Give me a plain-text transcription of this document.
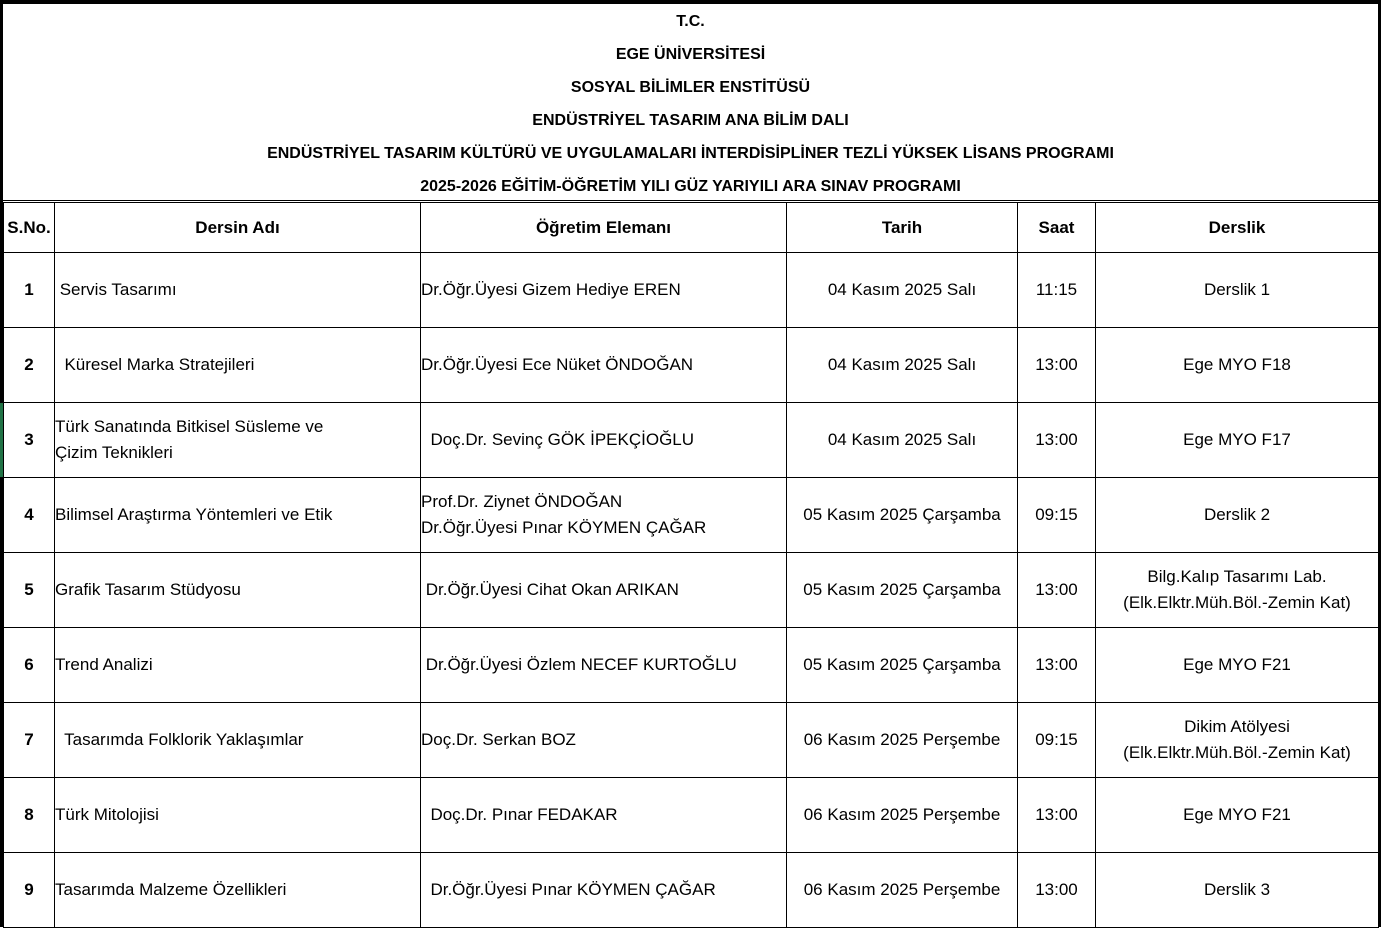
T.C.
EGE ÜNİVERSİTESİ
SOSYAL BİLİMLER ENSTİTÜSÜ
ENDÜSTRİYEL TASARIM ANA BİLİM DALI
ENDÜSTRİYEL TASARIM KÜLTÜRÜ VE UYGULAMALARI İNTERDİSİPLİNER TEZLİ YÜKSEK LİSANS PROGRAMI
2025-2026 EĞİTİM-ÖĞRETİM YILI GÜZ YARIYILI ARA SINAV PROGRAMI
S.No.	Dersin Adı	Öğretim Elemanı	Tarih	Saat	Derslik
1	Servis Tasarımı	Dr.Öğr.Üyesi Gizem Hediye EREN	04 Kasım 2025 Salı	11:15	Derslik 1

2	Küresel Marka Stratejileri	Dr.Öğr.Üyesi Ece Nüket ÖNDOĞAN	04 Kasım 2025 Salı	13:00	Ege MYO F18

3	Türk Sanatında Bitkisel Süsleme ve
Çizim Teknikleri	Doç.Dr. Sevinç GÖK İPEKÇİOĞLU	04 Kasım 2025 Salı	13:00	Ege MYO F17

4	Bilimsel Araştırma Yöntemleri ve Etik	Prof.Dr. Ziynet ÖNDOĞAN
Dr.Öğr.Üyesi Pınar KÖYMEN ÇAĞAR	05 Kasım 2025 Çarşamba	09:15	Derslik 2

5	Grafik Tasarım Stüdyosu	Dr.Öğr.Üyesi Cihat Okan ARIKAN	05 Kasım 2025 Çarşamba	13:00	Bilg.Kalıp Tasarımı Lab.
(Elk.Elktr.Müh.Böl.-Zemin Kat)

6	Trend Analizi	Dr.Öğr.Üyesi Özlem NECEF KURTOĞLU	05 Kasım 2025 Çarşamba	13:00	Ege MYO F21

7	Tasarımda Folklorik Yaklaşımlar	Doç.Dr. Serkan BOZ	06 Kasım 2025 Perşembe	09:15	Dikim Atölyesi
(Elk.Elktr.Müh.Böl.-Zemin Kat)

8	Türk Mitolojisi	Doç.Dr. Pınar FEDAKAR	06 Kasım 2025 Perşembe	13:00	Ege MYO F21

9	Tasarımda Malzeme Özellikleri	Dr.Öğr.Üyesi Pınar KÖYMEN ÇAĞAR	06 Kasım 2025 Perşembe	13:00	Derslik 3
